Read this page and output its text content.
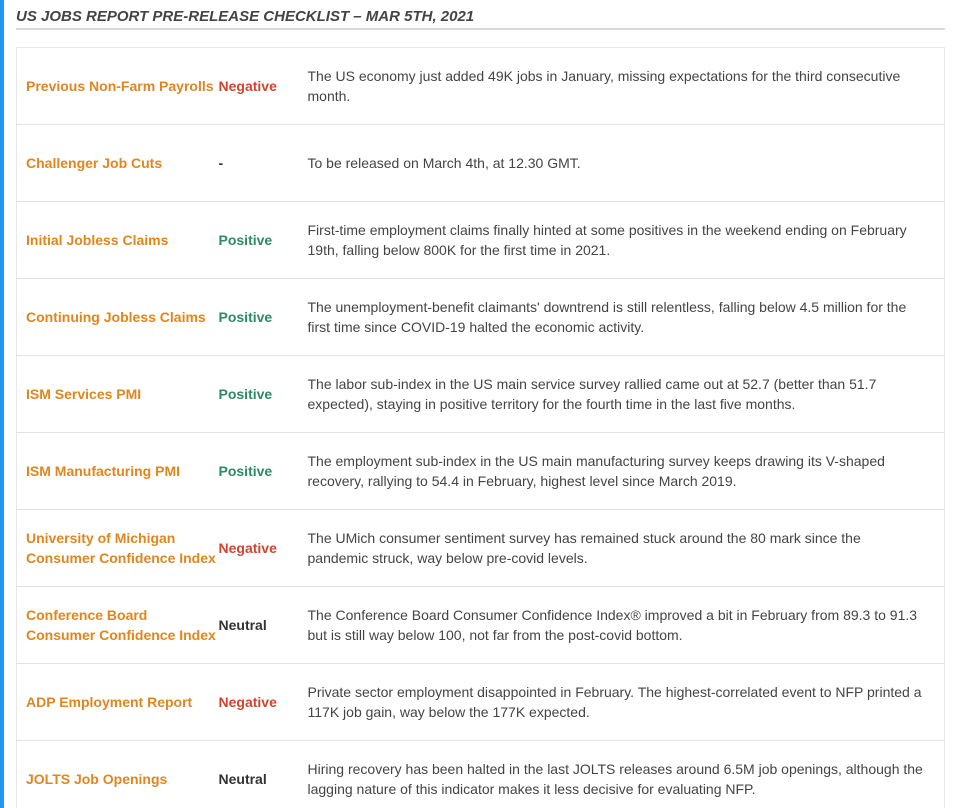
US JOBS REPORT PRE-RELEASE CHECKLIST – MAR 5TH, 2021
Previous Non-Farm Payrolls	Negative	The US economy just added 49K jobs in January, missing expectations for the third consecutive month.
Challenger Job Cuts	-	To be released on March 4th, at 12.30 GMT.
Initial Jobless Claims	Positive	First-time employment claims finally hinted at some positives in the weekend ending on February 19th, falling below 800K for the first time in 2021.
Continuing Jobless Claims	Positive	The unemployment-benefit claimants' downtrend is still relentless, falling below 4.5 million for the first time since COVID-19 halted the economic activity.
ISM Services PMI	Positive	The labor sub-index in the US main service survey rallied came out at 52.7 (better than 51.7 expected), staying in positive territory for the fourth time in the last five months.
ISM Manufacturing PMI	Positive	The employment sub-index in the US main manufacturing survey keeps drawing its V-shaped recovery, rallying to 54.4 in February, highest level since March 2019.
University of Michigan Consumer Confidence Index	Negative	The UMich consumer sentiment survey has remained stuck around the 80 mark since the pandemic struck, way below pre-covid levels.
Conference Board Consumer Confidence Index	Neutral	The Conference Board Consumer Confidence Index® improved a bit in February from 89.3 to 91.3 but is still way below 100, not far from the post-covid bottom.
ADP Employment Report	Negative	Private sector employment disappointed in February. The highest-correlated event to NFP printed a 117K job gain, way below the 177K expected.
JOLTS Job Openings	Neutral	Hiring recovery has been halted in the last JOLTS releases around 6.5M job openings, although the lagging nature of this indicator makes it less decisive for evaluating NFP.
